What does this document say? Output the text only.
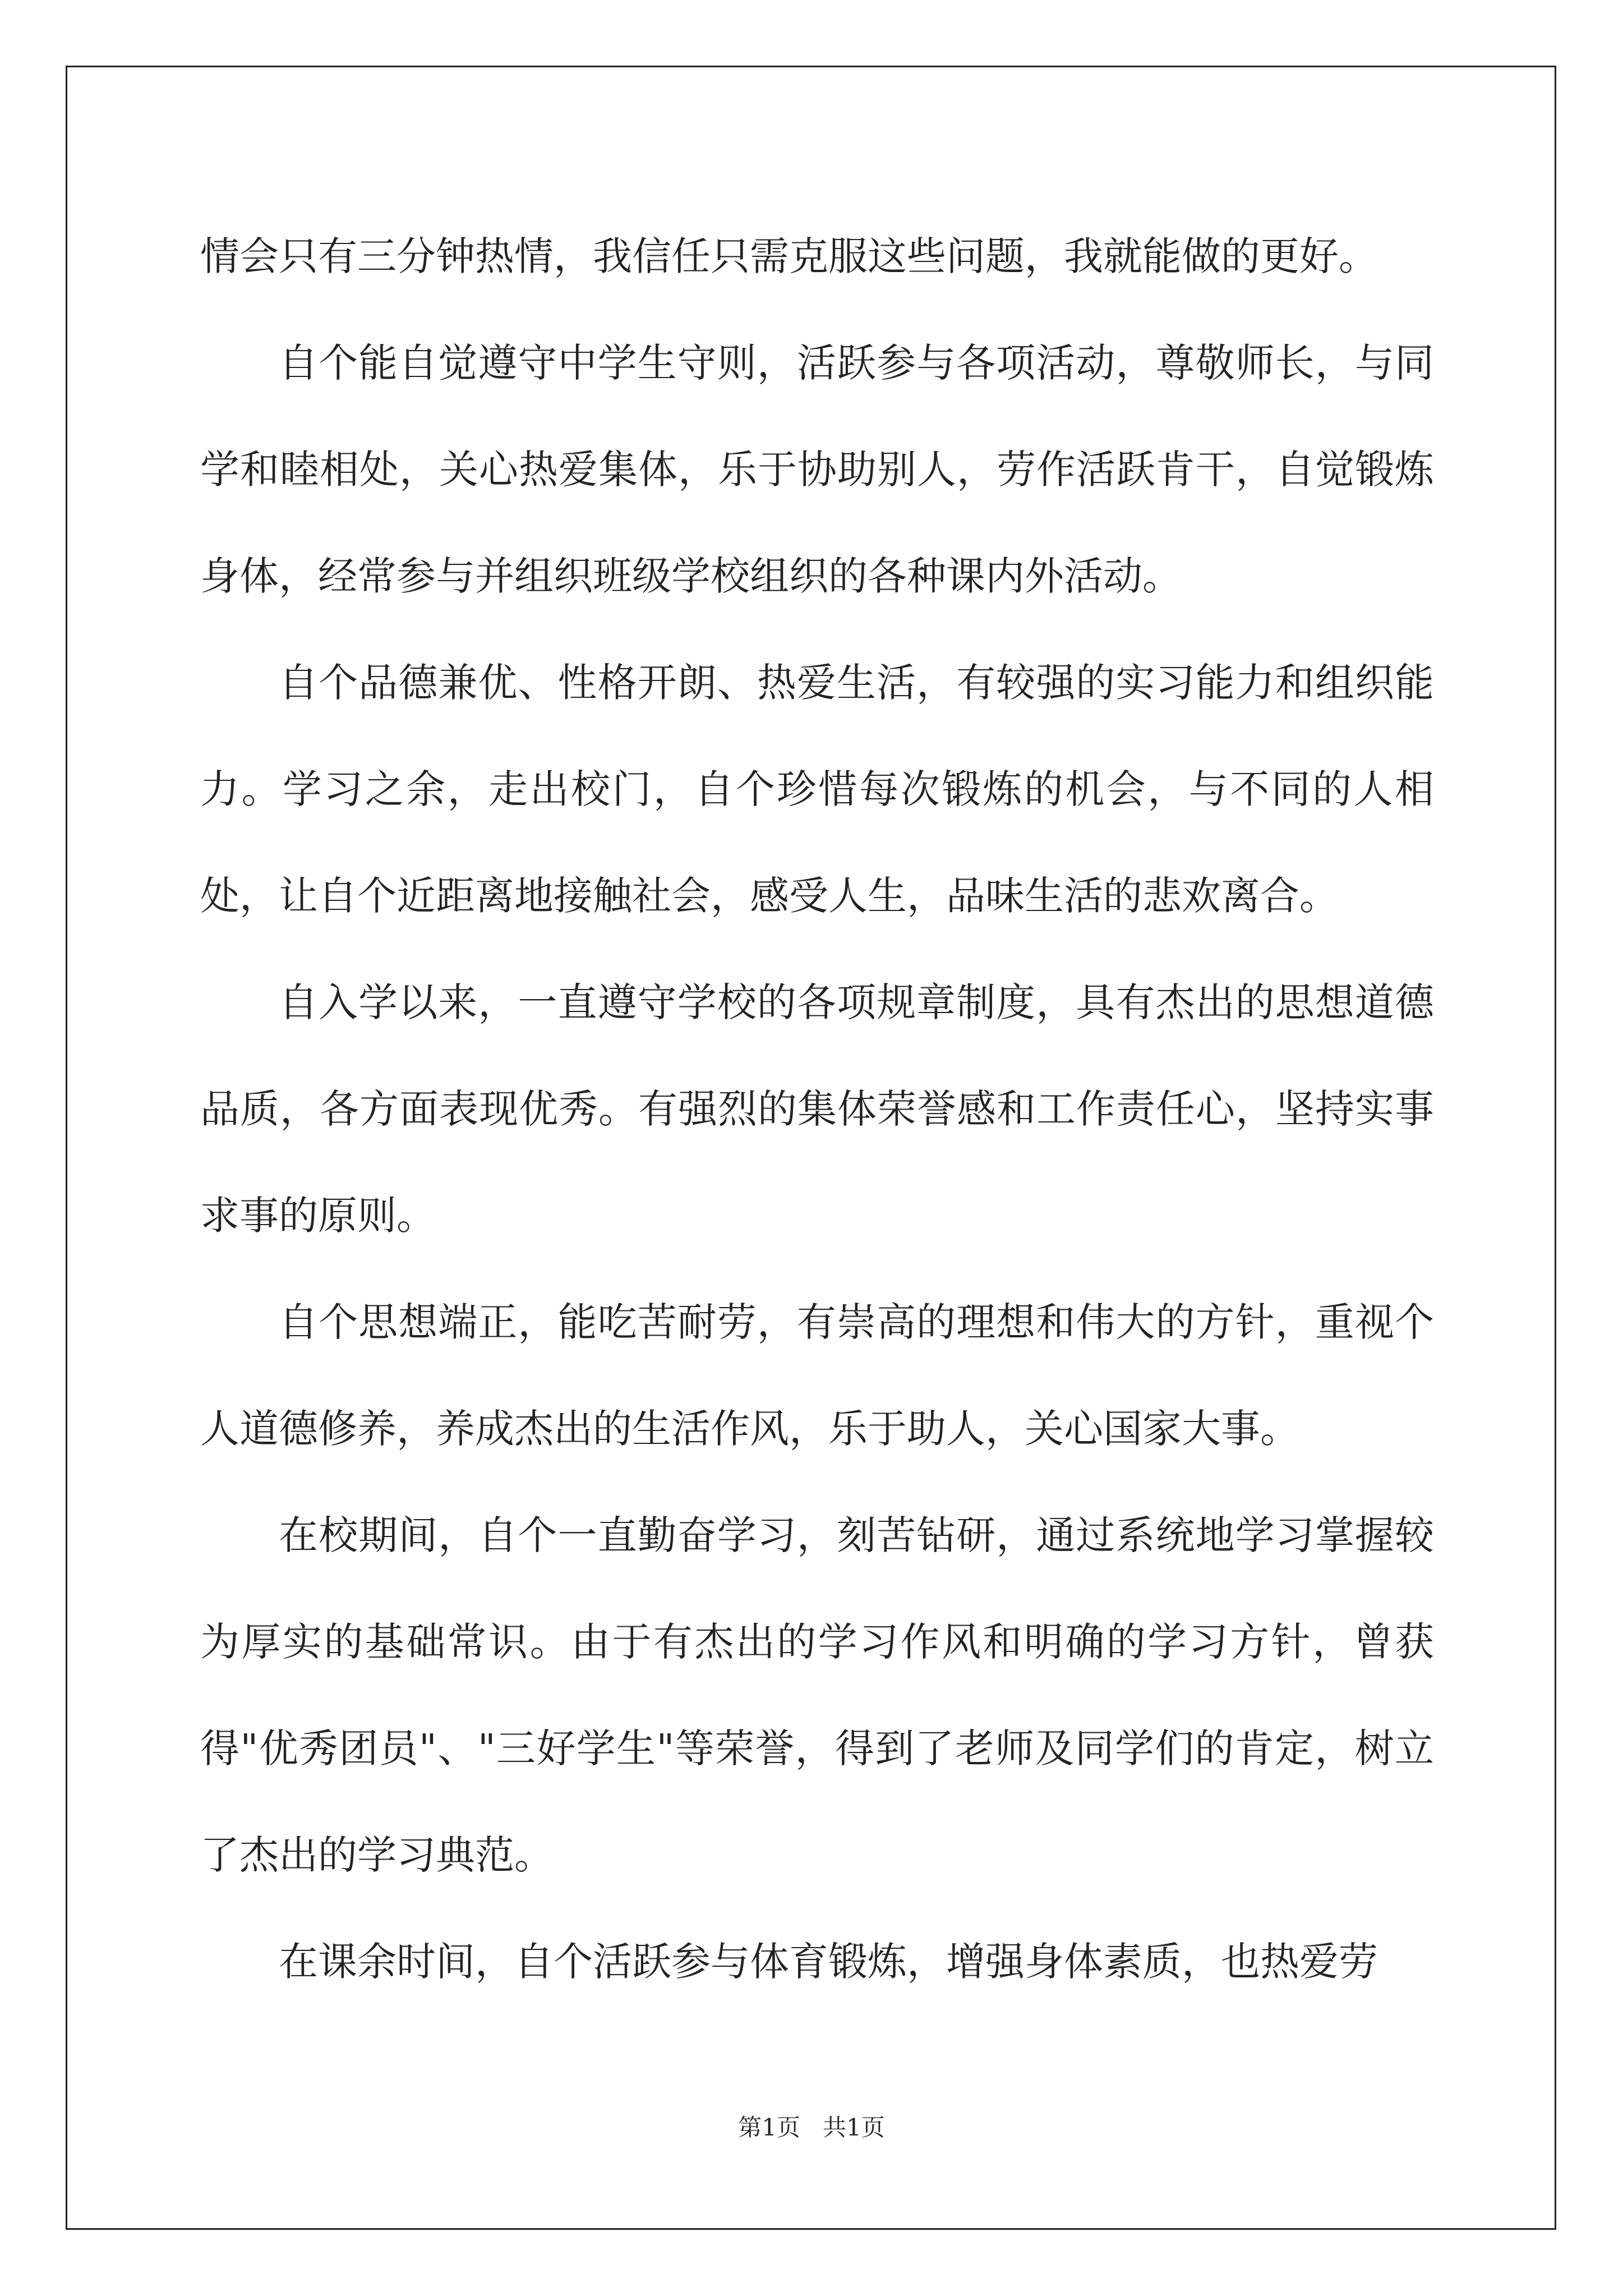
情会只有三分钟热情，我信任只需克服这些问题，我就能做的更好。

自个能自觉遵守中学生守则，活跃参与各项活动，尊敬师长，与同学和睦相处，关心热爱集体，乐于协助别人，劳作活跃肯干，自觉锻炼身体，经常参与并组织班级学校组织的各种课内外活动。

自个品德兼优、性格开朗、热爱生活，有较强的实习能力和组织能力。学习之余，走出校门，自个珍惜每次锻炼的机会，与不同的人相处，让自个近距离地接触社会，感受人生，品味生活的悲欢离合。

自入学以来，一直遵守学校的各项规章制度，具有杰出的思想道德品质，各方面表现优秀。有强烈的集体荣誉感和工作责任心，坚持实事求事的原则。

自个思想端正，能吃苦耐劳，有崇高的理想和伟大的方针，重视个人道德修养，养成杰出的生活作风，乐于助人，关心国家大事。

在校期间，自个一直勤奋学习，刻苦钻研，通过系统地学习掌握较为厚实的基础常识。由于有杰出的学习作风和明确的学习方针，曾获得"优秀团员"、"三好学生"等荣誉，得到了老师及同学们的肯定，树立了杰出的学习典范。

在课余时间，自个活跃参与体育锻炼，增强身体素质，也热爱劳

第1页   共1页
